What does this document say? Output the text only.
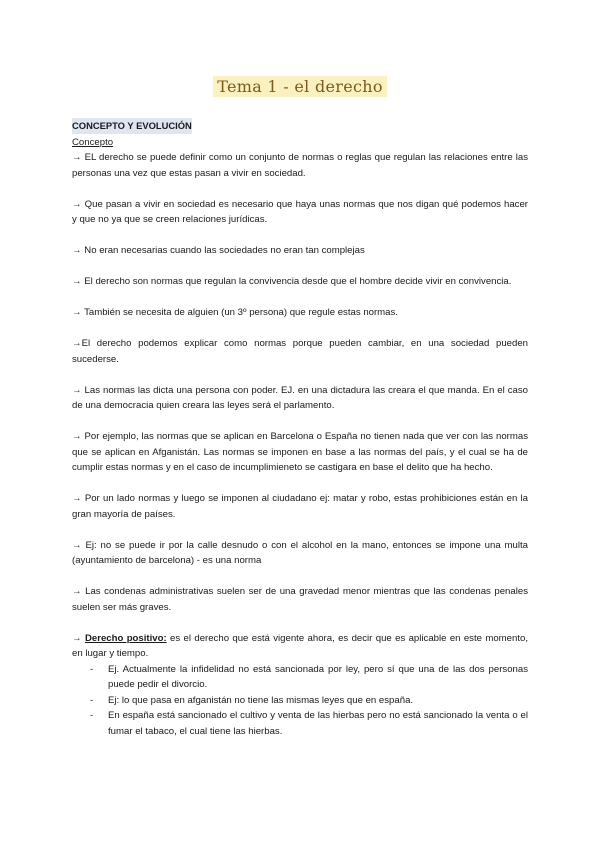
Tema 1 - el derecho
CONCEPTO Y EVOLUCIÓN
Concepto

→ EL derecho se puede definir como un conjunto de normas o reglas que regulan las relaciones entre las personas una vez que estas pasan a vivir en sociedad.

→ Que pasan a vivir en sociedad es necesario que haya unas normas que nos digan qué podemos hacer y que no ya que se creen relaciones jurídicas.

→ No eran necesarias cuando las sociedades no eran tan complejas

→ El derecho son normas que regulan la convivencia desde que el hombre decide vivir en convivencia.

→ También se necesita de alguien (un 3º persona) que regule estas normas.

→El derecho podemos explicar como normas porque pueden cambiar, en una sociedad pueden sucederse.

→ Las normas las dicta una persona con poder. EJ. en una dictadura las creara el que manda. En el caso de una democracia quien creara las leyes será el parlamento.

→ Por ejemplo, las normas que se aplican en Barcelona o España no tienen nada que ver con las normas que se aplican en Afganistán. Las normas se imponen en base a las normas del país, y el cual se ha de cumplir estas normas y en el caso de incumplimieneto se castigara en base el delito que ha hecho.

→ Por un lado normas y luego se imponen al ciudadano ej: matar y robo, estas prohibiciones están en la gran mayoría de países.

→ Ej: no se puede ir por la calle desnudo o con el alcohol en la mano, entonces se impone una multa (ayuntamiento de barcelona) - es una norma

→ Las condenas administrativas suelen ser de una gravedad menor mientras que las condenas penales suelen ser más graves.

→ Derecho positivo: es el derecho que está vigente ahora, es decir que es aplicable en este momento, en lugar y tiempo.

- Ej. Actualmente la infidelidad no está sancionada por ley, pero sí que una de las dos personas puede pedir el divorcio.
- Ej: lo que pasa en afganistán no tiene las mismas leyes que en españa.
- En españa está sancionado el cultivo y venta de las hierbas pero no está sancionado la venta o el fumar el tabaco, el cual tiene las hierbas.
